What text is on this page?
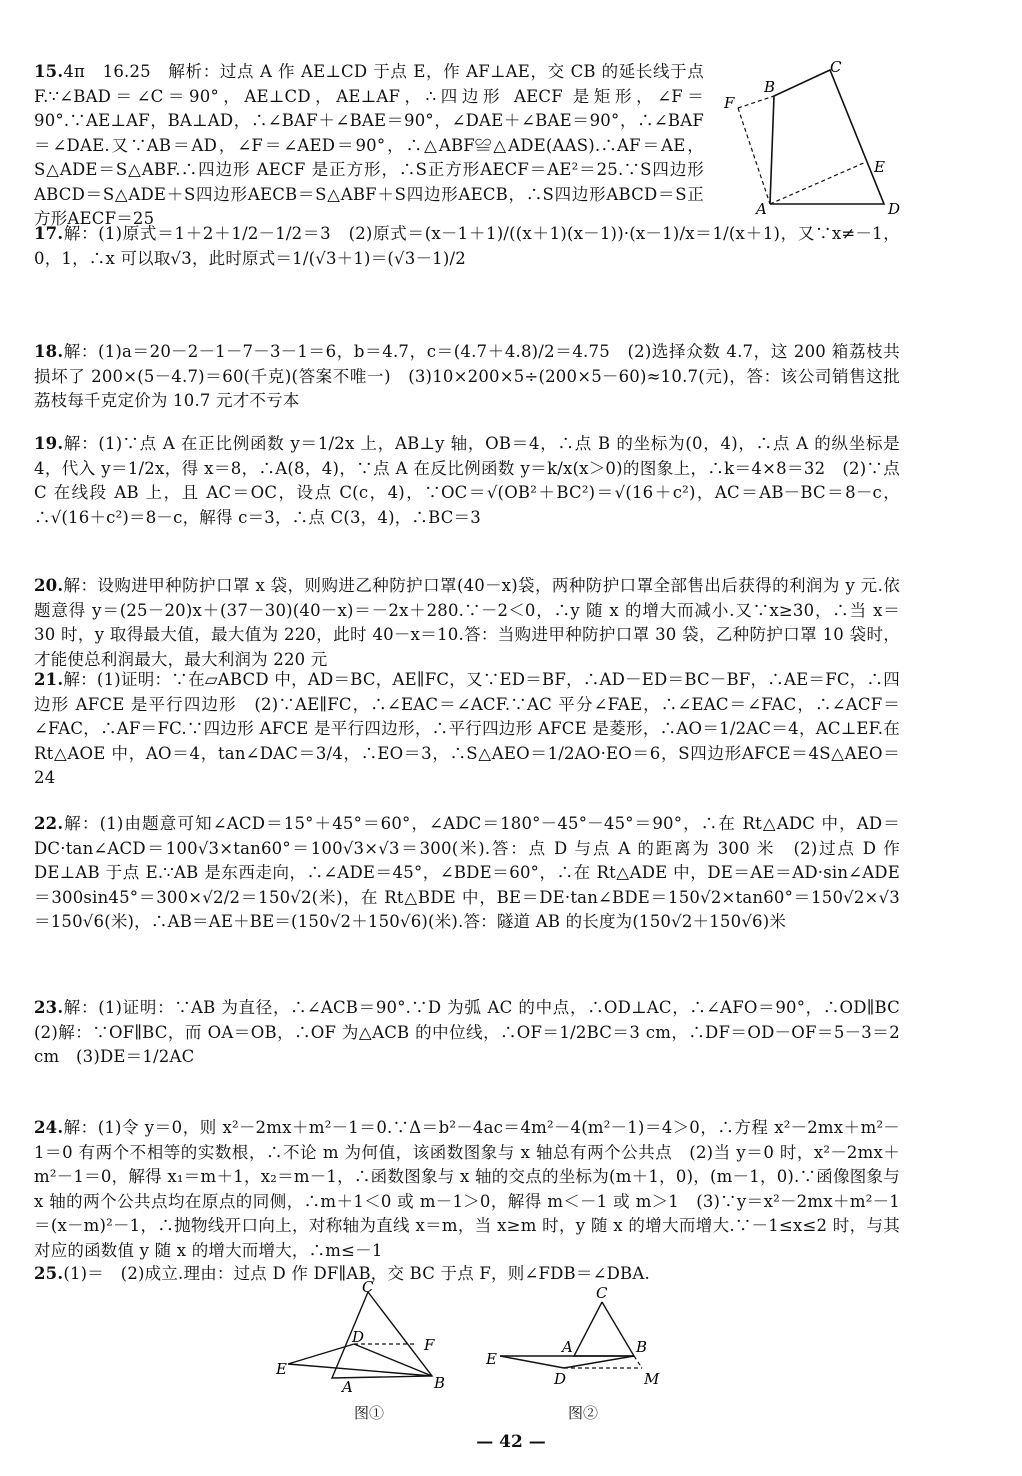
15.4π　16.25　解析：过点 A 作 AE⊥CD 于点 E，作 AF⊥AE，交 CB 的延长线于点 F.∵∠BAD＝∠C＝90°，AE⊥CD，AE⊥AF，∴四边形 AECF 是矩形，∠F＝90°.∵AE⊥AF，BA⊥AD，∴∠BAF＋∠BAE＝90°，∠DAE＋∠BAE＝90°，∴∠BAF＝∠DAE.又∵AB＝AD，∠F＝∠AED＝90°，∴△ABF≌△ADE(AAS).∴AF＝AE，S△ADE＝S△ABF.∴四边形 AECF 是正方形，∴S正方形AECF＝AE²＝25.∵S四边形ABCD＝S△ADE＋S四边形AECB＝S△ABF＋S四边形AECB，∴S四边形ABCD＝S正方形AECF＝25	A
B
C
D
E
F

17.解：(1)原式＝1＋2＋1/2－1/2＝3　(2)原式＝(x－1＋1)/((x＋1)(x－1))·(x－1)/x＝1/(x＋1)，又∵x≠－1，0，1，∴x 可以取√3，此时原式＝1/(√3＋1)＝(√3－1)/2

18.解：(1)a＝20－2－1－7－3－1＝6，b＝4.7，c＝(4.7＋4.8)/2＝4.75　(2)选择众数 4.7，这 200 箱荔枝共损坏了 200×(5－4.7)＝60(千克)(答案不唯一)　(3)10×200×5÷(200×5－60)≈10.7(元)，答：该公司销售这批荔枝每千克定价为 10.7 元才不亏本

19.解：(1)∵点 A 在正比例函数 y＝1/2x 上，AB⊥y 轴，OB＝4，∴点 B 的坐标为(0，4)，∴点 A 的纵坐标是 4，代入 y＝1/2x，得 x＝8，∴A(8，4)，∵点 A 在反比例函数 y＝k/x(x＞0)的图象上，∴k＝4×8＝32　(2)∵点 C 在线段 AB 上，且 AC＝OC，设点 C(c，4)，∵OC＝√(OB²＋BC²)＝√(16＋c²)，AC＝AB－BC＝8－c，∴√(16＋c²)＝8－c，解得 c＝3，∴点 C(3，4)，∴BC＝3

20.解：设购进甲种防护口罩 x 袋，则购进乙种防护口罩(40－x)袋，两种防护口罩全部售出后获得的利润为 y 元.依题意得 y＝(25－20)x＋(37－30)(40－x)＝－2x＋280.∵－2＜0，∴y 随 x 的增大而减小.又∵x≥30，∴当 x＝30 时，y 取得最大值，最大值为 220，此时 40－x＝10.答：当购进甲种防护口罩 30 袋，乙种防护口罩 10 袋时，才能使总利润最大，最大利润为 220 元

21.解：(1)证明：∵在▱ABCD 中，AD＝BC，AE∥FC，又∵ED＝BF，∴AD－ED＝BC－BF，∴AE＝FC，∴四边形 AFCE 是平行四边形　(2)∵AE∥FC，∴∠EAC＝∠ACF.∵AC 平分∠FAE，∴∠EAC＝∠FAC，∴∠ACF＝∠FAC，∴AF＝FC.∵四边形 AFCE 是平行四边形，∴平行四边形 AFCE 是菱形，∴AO＝1/2AC＝4，AC⊥EF.在 Rt△AOE 中，AO＝4，tan∠DAC＝3/4，∴EO＝3，∴S△AEO＝1/2AO·EO＝6，S四边形AFCE＝4S△AEO＝24

22.解：(1)由题意可知∠ACD＝15°＋45°＝60°，∠ADC＝180°－45°－45°＝90°，∴在 Rt△ADC 中，AD＝DC·tan∠ACD＝100√3×tan60°＝100√3×√3＝300(米).答：点 D 与点 A 的距离为 300 米　(2)过点 D 作 DE⊥AB 于点 E.∵AB 是东西走向，∴∠ADE＝45°，∠BDE＝60°，∴在 Rt△ADE 中，DE＝AE＝AD·sin∠ADE＝300sin45°＝300×√2/2＝150√2(米)，在 Rt△BDE 中，BE＝DE·tan∠BDE＝150√2×tan60°＝150√2×√3＝150√6(米)，∴AB＝AE＋BE＝(150√2＋150√6)(米).答：隧道 AB 的长度为(150√2＋150√6)米

23.解：(1)证明：∵AB 为直径，∴∠ACB＝90°.∵D 为弧 AC 的中点，∴OD⊥AC，∴∠AFO＝90°，∴OD∥BC　(2)解：∵OF∥BC，而 OA＝OB，∴OF 为△ACB 的中位线，∴OF＝1/2BC＝3 cm，∴DF＝OD－OF＝5－3＝2 cm　(3)DE＝1/2AC

24.解：(1)令 y＝0，则 x²－2mx＋m²－1＝0.∵Δ＝b²－4ac＝4m²－4(m²－1)＝4＞0，∴方程 x²－2mx＋m²－1＝0 有两个不相等的实数根，∴不论 m 为何值，该函数图象与 x 轴总有两个公共点　(2)当 y＝0 时，x²－2mx＋m²－1＝0，解得 x₁＝m＋1，x₂＝m－1，∴函数图象与 x 轴的交点的坐标为(m＋1，0)，(m－1，0).∵函像图象与 x 轴的两个公共点均在原点的同侧，∴m＋1＜0 或 m－1＞0，解得 m＜－1 或 m＞1　(3)∵y＝x²－2mx＋m²－1＝(x－m)²－1，∴抛物线开口向上，对称轴为直线 x＝m，当 x≥m 时，y 随 x 的增大而增大.∵－1≤x≤2 时，与其对应的函数值 y 随 x 的增大而增大，∴m≤－1

25.(1)＝　(2)成立.理由：过点 D 作 DF∥AB，交 BC 于点 F，则∠FDB＝∠DBA.

C
D	F
E
A	B
图①
C
A	B
E
D	M
图②
— 42 —
